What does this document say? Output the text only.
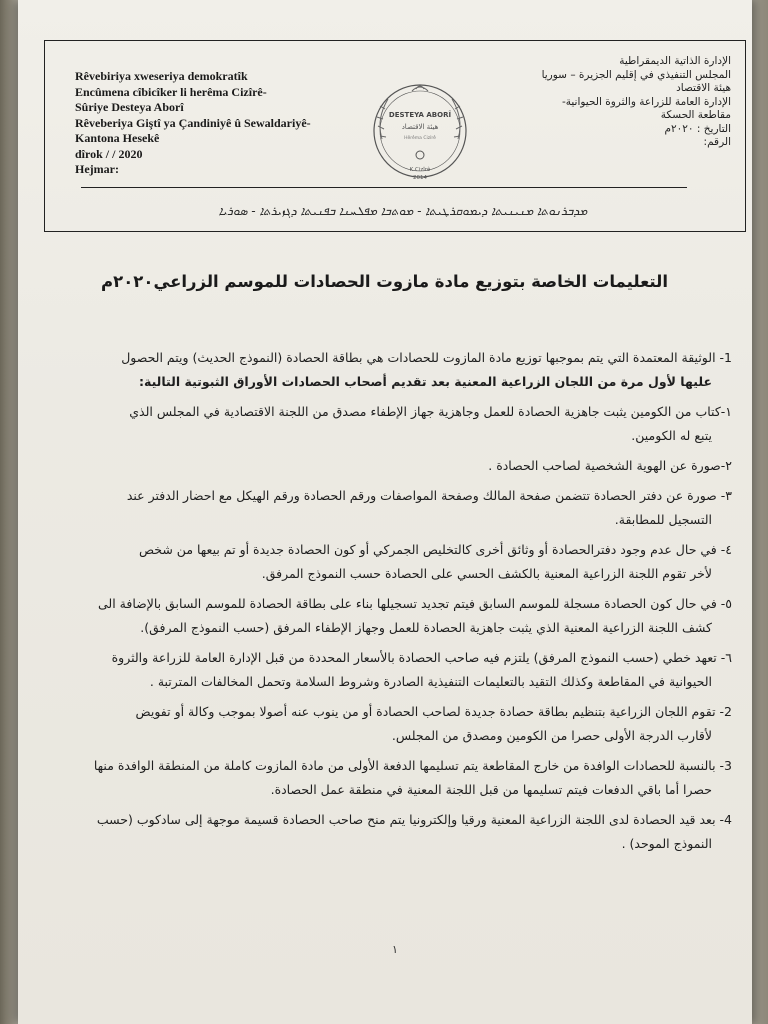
Rêvebiriya xweseriya demokratîk
Encûmena cîbicîker li herêma Cizîrê-
Sûriye Desteya Aborî
Rêveberiya Giştî ya Çandiniyê û Sewaldariyê-
Kantona Hesekê
dîrok / / 2020
Hejmar:
DESTEYA ABORÎ
هيئة الاقتصاد
Hêrêma Cizîrê
K.Cizîrê
2014
الإدارة الذاتية الديمقراطية
المجلس التنفيذي في إقليم الجزيرة – سوريا
هيئة الاقتصاد
الإدارة العامة للزراعة والثروة الحيوانية-
مقاطعة الحسكة
التاريخ : ٢٠٢٠م
الرقم:
ܡܕܒܪܢܘܬܐ ܡܢܝܢܝܬܐ ܕܝܡܘܩܪܛܝܬܐ - ܡܘܬܒܐ ܡܦܠܚܢܐ ܒܦܢܝܬܐ ܕܓܙܝܪܬܐ - ܣܘܪܝܐ
التعليمات الخاصة بتوزيع مادة مازوت الحصادات للموسم الزراعي٢٠٢٠م
1- الوثيقة المعتمدة التي يتم بموجبها توزيع مادة المازوت للحصادات هي بطاقة الحصادة (النموذج الحديث) ويتم الحصول
عليها لأول مرة من اللجان الزراعية المعنية بعد تقديم أصحاب الحصادات الأوراق الثبوتية التالية:
١-كتاب من الكومين يثبت جاهزية الحصادة للعمل وجاهزية جهاز الإطفاء مصدق من اللجنة الاقتصادية في المجلس الذي
يتبع له الكومين.
٢-صورة عن الهوية الشخصية لصاحب الحصادة .
٣- صورة عن دفتر الحصادة تتضمن صفحة المالك وصفحة المواصفات ورقم الحصادة ورقم الهيكل مع احضار الدفتر عند
التسجيل للمطابقة.
٤- في حال عدم وجود دفترالحصادة أو وثائق أخرى كالتخليص الجمركي أو كون الحصادة جديدة أو تم بيعها من شخص
لأخر تقوم اللجنة الزراعية المعنية بالكشف الحسي على الحصادة حسب النموذج المرفق.
٥- في حال كون الحصادة مسجلة للموسم السابق فيتم تجديد تسجيلها بناء على بطاقة الحصادة للموسم السابق بالإضافة الى
كشف اللجنة الزراعية المعنية الذي يثبت جاهزية الحصادة للعمل وجهاز الإطفاء المرفق (حسب النموذج المرفق).
٦- تعهد خطي (حسب النموذج المرفق) يلتزم فيه صاحب الحصادة بالأسعار المحددة من قبل الإدارة العامة للزراعة والثروة
الحيوانية في المقاطعة وكذلك التقيد بالتعليمات التنفيذية الصادرة وشروط السلامة وتحمل المخالفات المترتبة .
2- تقوم اللجان الزراعية بتنظيم بطاقة حصادة جديدة لصاحب الحصادة أو من ينوب عنه أصولا بموجب وكالة أو تفويض
لأقارب الدرجة الأولى حصرا من الكومين ومصدق من المجلس.
3- بالنسبة للحصادات الوافدة من خارج المقاطعة يتم تسليمها الدفعة الأولى من مادة المازوت كاملة من المنطقة الوافدة منها
حصرا أما باقي الدفعات فيتم تسليمها من قبل اللجنة المعنية في منطقة عمل الحصادة.
4- بعد قيد الحصادة لدى اللجنة الزراعية المعنية ورقيا وإلكترونيا يتم منح صاحب الحصادة قسيمة موجهة إلى سادكوب (حسب
النموذج الموحد) .
١
